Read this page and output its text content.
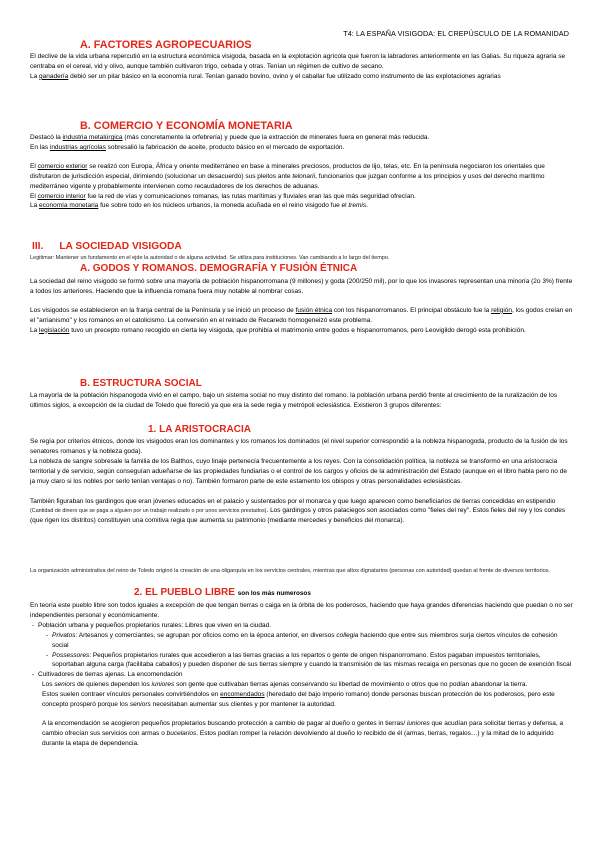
T4: LA ESPAÑA VISIGODA: EL CREPÚSCULO DE LA ROMANIDAD
A. FACTORES AGROPECUARIOS

El declive de la vida urbana repercutió en la estructura económica visigoda, basada en la explotación agrícola que fueron la labradores anteriormente en las Galias. Su riqueza agraria se centraba en el cereal, vid y olivo, aunque también cultivaron trigo, cebada y otras. Tenían un régimen de cultivo de secano.

La ganadería debió ser un pilar básico en la economía rural. Tenían ganado bovino, ovino y el caballar fue utilizado como instrumento de las explotaciones agrarias

B. COMERCIO Y ECONOMÍA MONETARIA

Destacó la industria metalúrgica (más concretamente la orfebrería) y puede que la extracción de minerales fuera en general más reducida.

En las industrias agrícolas sobresalió la fabricación de aceite, producto básico en el mercado de exportación.

El comercio exterior se realizó con Europa, África y oriente mediterráneo en base a minerales preciosos, productos de lijo, telas, etc. En la península negociaron los orientales que disfrutaron de jurisdicción especial, dirimiendo (solucionar un desacuerdo) sus pleitos ante telonarii, funcionarios que juzgan conforme a los principios y usos del derecho marítimo mediterráneo vigente y probablemente intervienen como recaudadores de los derechos de aduanas.

El comercio interior fue la red de vías y comunicaciones romanas, las rutas marítimas y fluviales eran las que más seguridad ofrecían.

La economía monetaria fue sobre todo en los núcleos urbanos, la moneda acuñada en el reino visigodo fue el tremis.

III. LA SOCIEDAD VISIGODA

Legitimar: Mantener un fundamento en el ejde la autoridad o de alguna actividad. Se utiliza para instituciones. Van cambiando a lo largo del tiempo.

A. GODOS Y ROMANOS. DEMOGRAFÍA Y FUSIÓN ÉTNICA

La sociedad del reino visigodo se formó sobre una mayoría de población hispanorromana (9 millones) y goda (200/250 mil), por lo que los invasores representan una minoría (2o 3%) frente a todos los anteriores. Haciendo que la influencia romana fuera muy notable al nombrar cosas.

Los visigodos se establecieron en la franja central de la Península y se inició un proceso de fusión étnica con los hispanorromanos. El principal obstáculo fue la religión, los godos creían en el "arrianismo" y los romanos en el catolicismo. La conversión en el reinado de Recaredo homogeneizó este problema.

La legislación tuvo un precepto romano recogido en cierta ley visigoda, que prohibía el matrimonio entre godos e hispanorromanos, pero Leovigildo derogó esta prohibición.

B. ESTRUCTURA SOCIAL

La mayoría de la población hispanogoda vivió en el campo, bajo un sistema social no muy distinto del romano. la población urbana perdió frente al crecimiento de la ruralización de los últimos siglos, a excepción de la ciudad de Toledo que floreció ya que era la sede regia y metrópoli eclesiástica. Existieron 3 grupos diferentes:

1. LA ARISTOCRACIA

Se regía por criterios étnicos, donde los visigodos eran los dominantes y los romanos los dominados (el nivel superior correspondió a la nobleza hispanogoda, producto de la fusión de los senatores romanos y la nobleza goda).

La nobleza de sangre sobresale la familia de los Balthos, cuyo linaje pertenecía frecuentemente a los reyes. Con la consolidación política, la nobleza se transformó en una aristocracia territorial y de servicio, según conseguían adueñarse de las propiedades fundiarias o el control de los cargos y oficios de la administración del Estado (aunque en el libro habla pero no de ja muy claro si los nobles por serlo tenían ventajas o no). También formaron parte de este estamento los obispos y otras personalidades eclesiásticas.

También figuraban los gardingos que eran jóvenes educados en el palacio y sustentados por el monarca y que luego aparecen como beneficiarios de tierras concedidas en estipendio (Cantidad de dinero que se paga a alguien por un trabajo realizado o por unos servicios prestados). Los gardingos y otros palaciegos son asociados como "fieles del rey". Estos fieles del rey y los condes (que rigen los distritos) constituyen una comitiva regia que aumenta su patrimonio (mediante mercedes y beneficios del monarca).

La organización administrativa del reino de Toledo originó la creación de una oligarquía en los servicios centrales, mientras que altos dignatarios (personas con autoridad) quedan al frente de diversos territorios.

2. EL PUEBLO LIBRE son los más numerosos

En teoría este pueblo libre son todos iguales a excepción de que tengan tierras o caiga en la órbita de los poderosos, haciendo que haya grandes diferencias haciendo que puedan o no ser independientes personal y económicamente.

- Población urbana y pequeños propietarios rurales: Libres que viven en la ciudad.

- Privatos: Artesanos y comerciantes, se agrupan por oficios como en la época anterior, en diversos collegia haciendo que entre sus miembros surja ciertos vínculos de cohesión social

- Possessores: Pequeños propietarios rurales que accedieron a las tierras gracias a los repartos o gente de origen hispanorromano. Estos pagaban impuestos territoriales, soportaban alguna carga (facilitaba caballos) y pueden disponer de sus tierras siempre y cuando la transmisión de las mismas recaiga en personas que no gocen de exención fiscal

- Cultivadores de tierras ajenas. La encomendación

Los seniors de quienes dependen los iuniores son gente que cultivaban tierras ajenas conservando su libertad de movimiento o otros que no podían abandonar la tierra.

Estos suelen contraer vínculos personales convirtiéndolos en encomendados (heredado del bajo imperio romano) donde personas buscan protección de los poderosos, pero este concepto prosperó porque los seniors necesitaban aumentar sus clientes y por mantener la autoridad.

A la encomendación se acogieron pequeños propietarios buscando protección a cambio de pagar al dueño o gentes in tierras/ iuniores que acudían para solicitar tierras y defensa, a cambio ofrecían sus servicios con armas o bucelarios. Estos podían romper la relación devolviendo al dueño lo recibido de él (armas, tierras, regalos…) y la mitad de lo adquirido durante la etapa de dependencia.
